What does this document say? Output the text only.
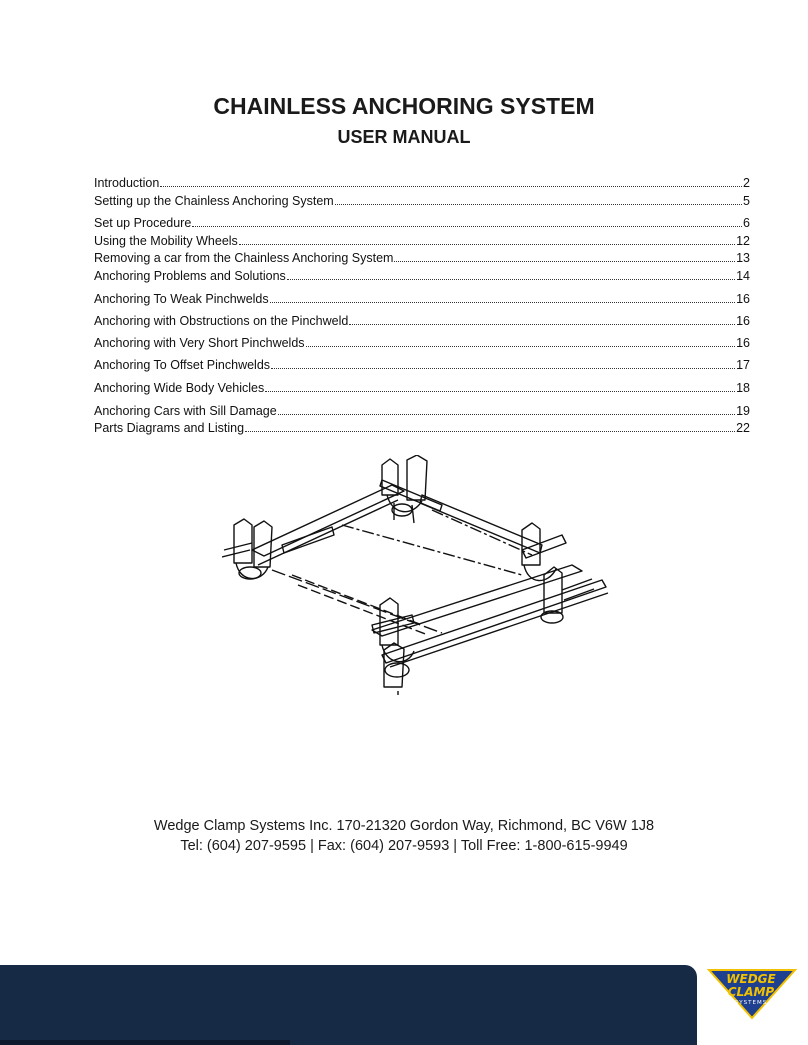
CHAINLESS ANCHORING SYSTEM
USER MANUAL
Introduction	2
Setting up the Chainless Anchoring System	5
Set up Procedure	6
Using the Mobility Wheels	12
Removing a car from the Chainless Anchoring System	13
Anchoring Problems and Solutions	14
Anchoring To Weak Pinchwelds	16
Anchoring with Obstructions on the Pinchweld	16
Anchoring with Very Short Pinchwelds	16
Anchoring To Offset Pinchwelds	17
Anchoring Wide Body Vehicles	18
Anchoring Cars with Sill Damage	19
Parts Diagrams and Listing	22
Wedge Clamp Systems Inc. 170-21320 Gordon Way, Richmond, BC V6W 1J8
Tel: (604) 207-9595 | Fax: (604) 207-9593 | Toll Free: 1-800-615-9949
WEDGE
CLAMP
SYSTEMS
TM
